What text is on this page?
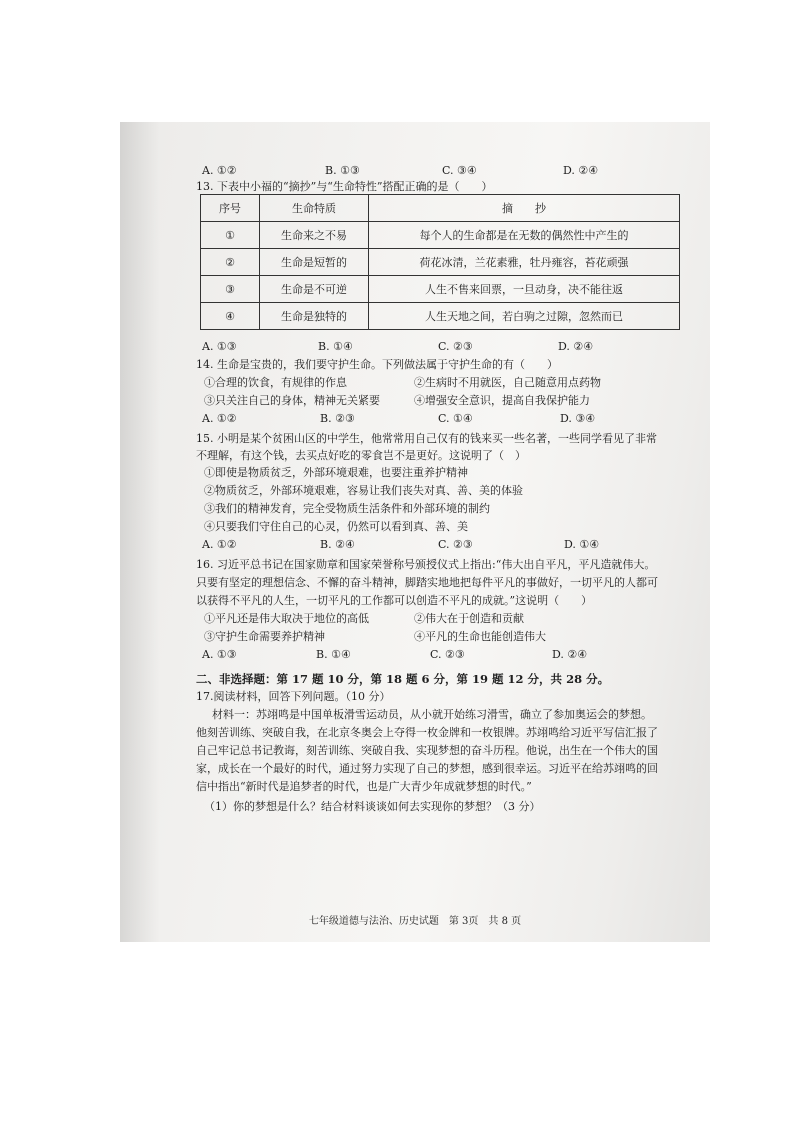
A. ①②	B. ①③	C. ③④	D. ②④
13. 下表中小福的“摘抄”与“生命特性”搭配正确的是（　　）
序号	生命特质	摘　　抄
①	生命来之不易	每个人的生命都是在无数的偶然性中产生的
②	生命是短暂的	荷花冰清，兰花素雅，牡丹雍容，苔花顽强
③	生命是不可逆	人生不售来回票，一旦动身，决不能往返
④	生命是独特的	人生天地之间，若白驹之过隙，忽然而已
A. ①③	B. ①④	C. ②③	D. ②④
14. 生命是宝贵的，我们要守护生命。下列做法属于守护生命的有（　　）
①合理的饮食，有规律的作息	②生病时不用就医，自己随意用点药物
③只关注自己的身体，精神无关紧要	④增强安全意识，提高自我保护能力
A. ①②	B. ②③	C. ①④	D. ③④
15. 小明是某个贫困山区的中学生，他常常用自己仅有的钱来买一些名著，一些同学看见了非常
不理解，有这个钱，去买点好吃的零食岂不是更好。这说明了（　）
①即使是物质贫乏，外部环境艰难，也要注重养护精神
②物质贫乏，外部环境艰难，容易让我们丧失对真、善、美的体验
③我们的精神发育，完全受物质生活条件和外部环境的制约
④只要我们守住自己的心灵，仍然可以看到真、善、美
A. ①②	B. ②④	C. ②③	D. ①④
16. 习近平总书记在国家勋章和国家荣誉称号颁授仪式上指出:“伟大出自平凡，平凡造就伟大。
只要有坚定的理想信念、不懈的奋斗精神，脚踏实地地把每件平凡的事做好，一切平凡的人都可
以获得不平凡的人生，一切平凡的工作都可以创造不平凡的成就。”这说明（　　）
①平凡还是伟大取决于地位的高低	②伟大在于创造和贡献
③守护生命需要养护精神	④平凡的生命也能创造伟大
A. ①③	B. ①④	C. ②③	D. ②④
二、非选择题：第 17 题 10 分，第 18 题 6 分，第 19 题 12 分，共 28 分。
17.阅读材料，回答下列问题。（10 分）
材料一：苏翊鸣是中国单板滑雪运动员，从小就开始练习滑雪，确立了参加奥运会的梦想。
他刻苦训练、突破自我，在北京冬奥会上夺得一枚金牌和一枚银牌。苏翊鸣给习近平写信汇报了
自己牢记总书记教诲，刻苦训练、突破自我、实现梦想的奋斗历程。他说，出生在一个伟大的国
家，成长在一个最好的时代，通过努力实现了自己的梦想，感到很幸运。习近平在给苏翊鸣的回
信中指出“新时代是追梦者的时代，也是广大青少年成就梦想的时代。”
（1）你的梦想是什么？结合材料谈谈如何去实现你的梦想？（3 分）
七年级道德与法治、历史试题　第 3页　共 8 页
